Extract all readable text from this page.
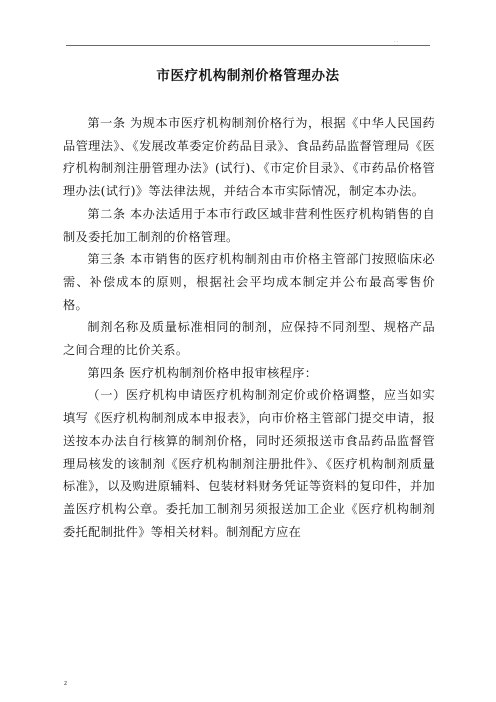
..
市医疗机构制剂价格管理办法

第一条 为规本市医疗机构制剂价格行为，根据《中华人民国药品管理法》、《发展改革委定价药品目录》、食品药品监督管理局《医疗机构制剂注册管理办法》(试行)、《市定价目录》、《市药品价格管理办法(试行)》等法律法规，并结合本市实际情况，制定本办法。

第二条 本办法适用于本市行政区域非营利性医疗机构销售的自制及委托加工制剂的价格管理。

第三条 本市销售的医疗机构制剂由市价格主管部门按照临床必需、补偿成本的原则，根据社会平均成本制定并公布最高零售价格。

制剂名称及质量标准相同的制剂，应保持不同剂型、规格产品之间合理的比价关系。

第四条 医疗机构制剂价格申报审核程序：

（一）医疗机构申请医疗机构制剂定价或价格调整，应当如实填写《医疗机构制剂成本申报表》，向市价格主管部门提交申请，报送按本办法自行核算的制剂价格，同时还须报送市食品药品监督管理局核发的该制剂《医疗机构制剂注册批件》、《医疗机构制剂质量标准》，以及购进原辅料、包装材料财务凭证等资料的复印件，并加盖医疗机构公章。委托加工制剂另须报送加工企业《医疗机构制剂委托配制批件》等相关材料。制剂配方应在

z
